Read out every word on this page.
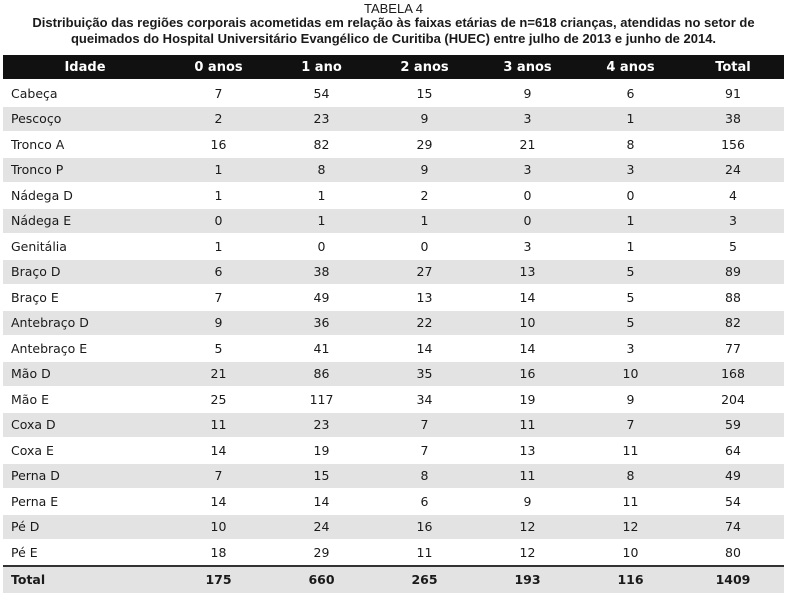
TABELA 4
Distribuição das regiões corporais acometidas em relação às faixas etárias de n=618 crianças, atendidas no setor de
queimados do Hospital Universitário Evangélico de Curitiba (HUEC) entre julho de 2013 e junho de 2014.
Idade	0 anos	1 ano	2 anos	3 anos	4 anos	Total
Cabeça	7	54	15	9	6	91
Pescoço	2	23	9	3	1	38
Tronco A	16	82	29	21	8	156
Tronco P	1	8	9	3	3	24
Nádega D	1	1	2	0	0	4
Nádega E	0	1	1	0	1	3
Genitália	1	0	0	3	1	5
Braço D	6	38	27	13	5	89
Braço E	7	49	13	14	5	88
Antebraço D	9	36	22	10	5	82
Antebraço E	5	41	14	14	3	77
Mão D	21	86	35	16	10	168
Mão E	25	117	34	19	9	204
Coxa D	11	23	7	11	7	59
Coxa E	14	19	7	13	11	64
Perna D	7	15	8	11	8	49
Perna E	14	14	6	9	11	54
Pé D	10	24	16	12	12	74
Pé E	18	29	11	12	10	80
Total	175	660	265	193	116	1409
